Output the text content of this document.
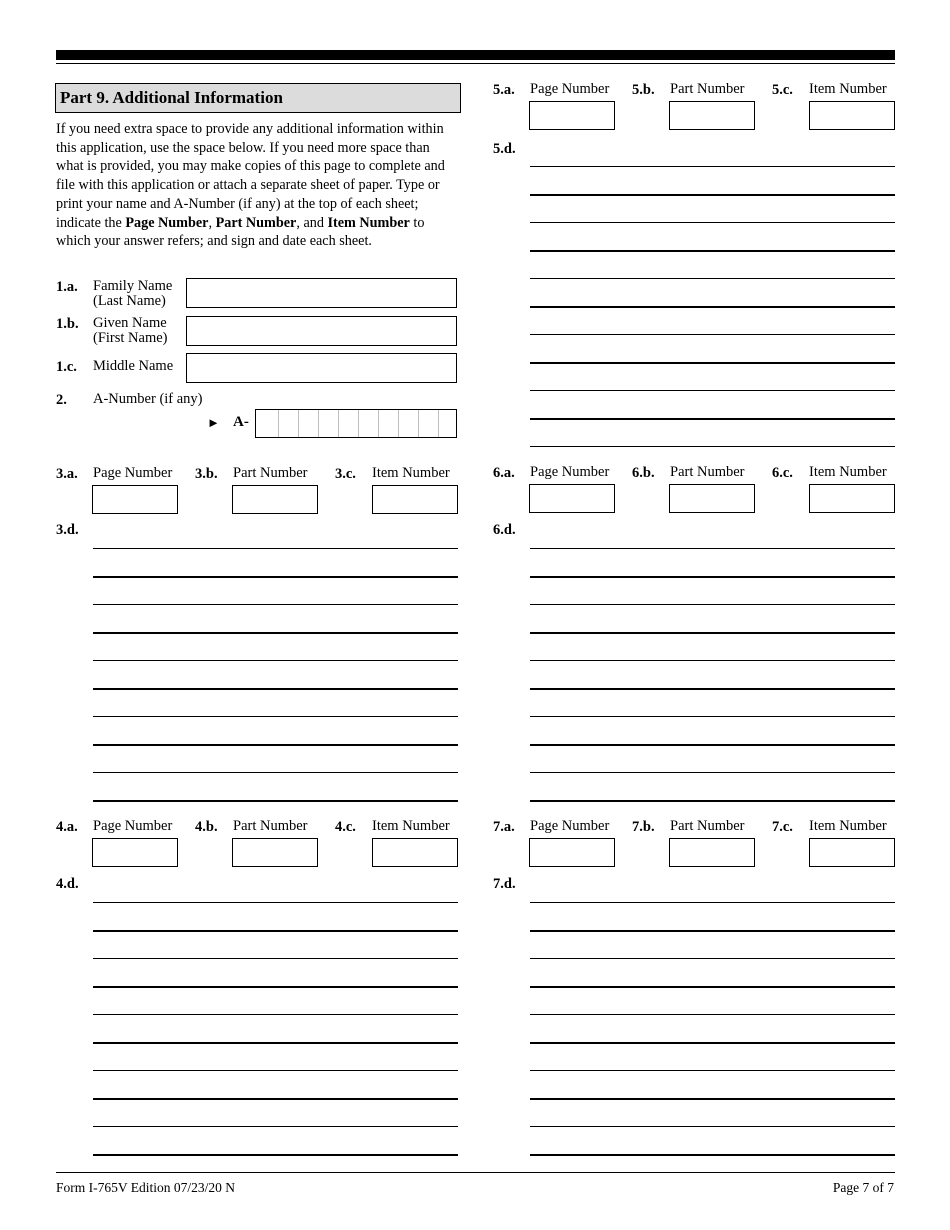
Part 9. Additional Information
If you need extra space to provide any additional information within this application, use the space below. If you need more space than what is provided, you may make copies of this page to complete and file with this application or attach a separate sheet of paper. Type or print your name and A-Number (if any) at the top of each sheet; indicate the Page Number, Part Number, and Item Number to which your answer refers; and sign and date each sheet.
1.a. Family Name
(Last Name)
1.b. Given Name
(First Name)
1.c. Middle Name
2. A-Number (if any)
► A-
3.a. Page Number 3.b. Part Number 3.c. Item Number
3.d.
4.a. Page Number 4.b. Part Number 4.c. Item Number
4.d.
5.a. Page Number 5.b. Part Number 5.c. Item Number
5.d.
6.a. Page Number 6.b. Part Number 6.c. Item Number
6.d.
7.a. Page Number 7.b. Part Number 7.c. Item Number
7.d.
Form I-765V Edition 07/23/20 N	Page 7 of 7
